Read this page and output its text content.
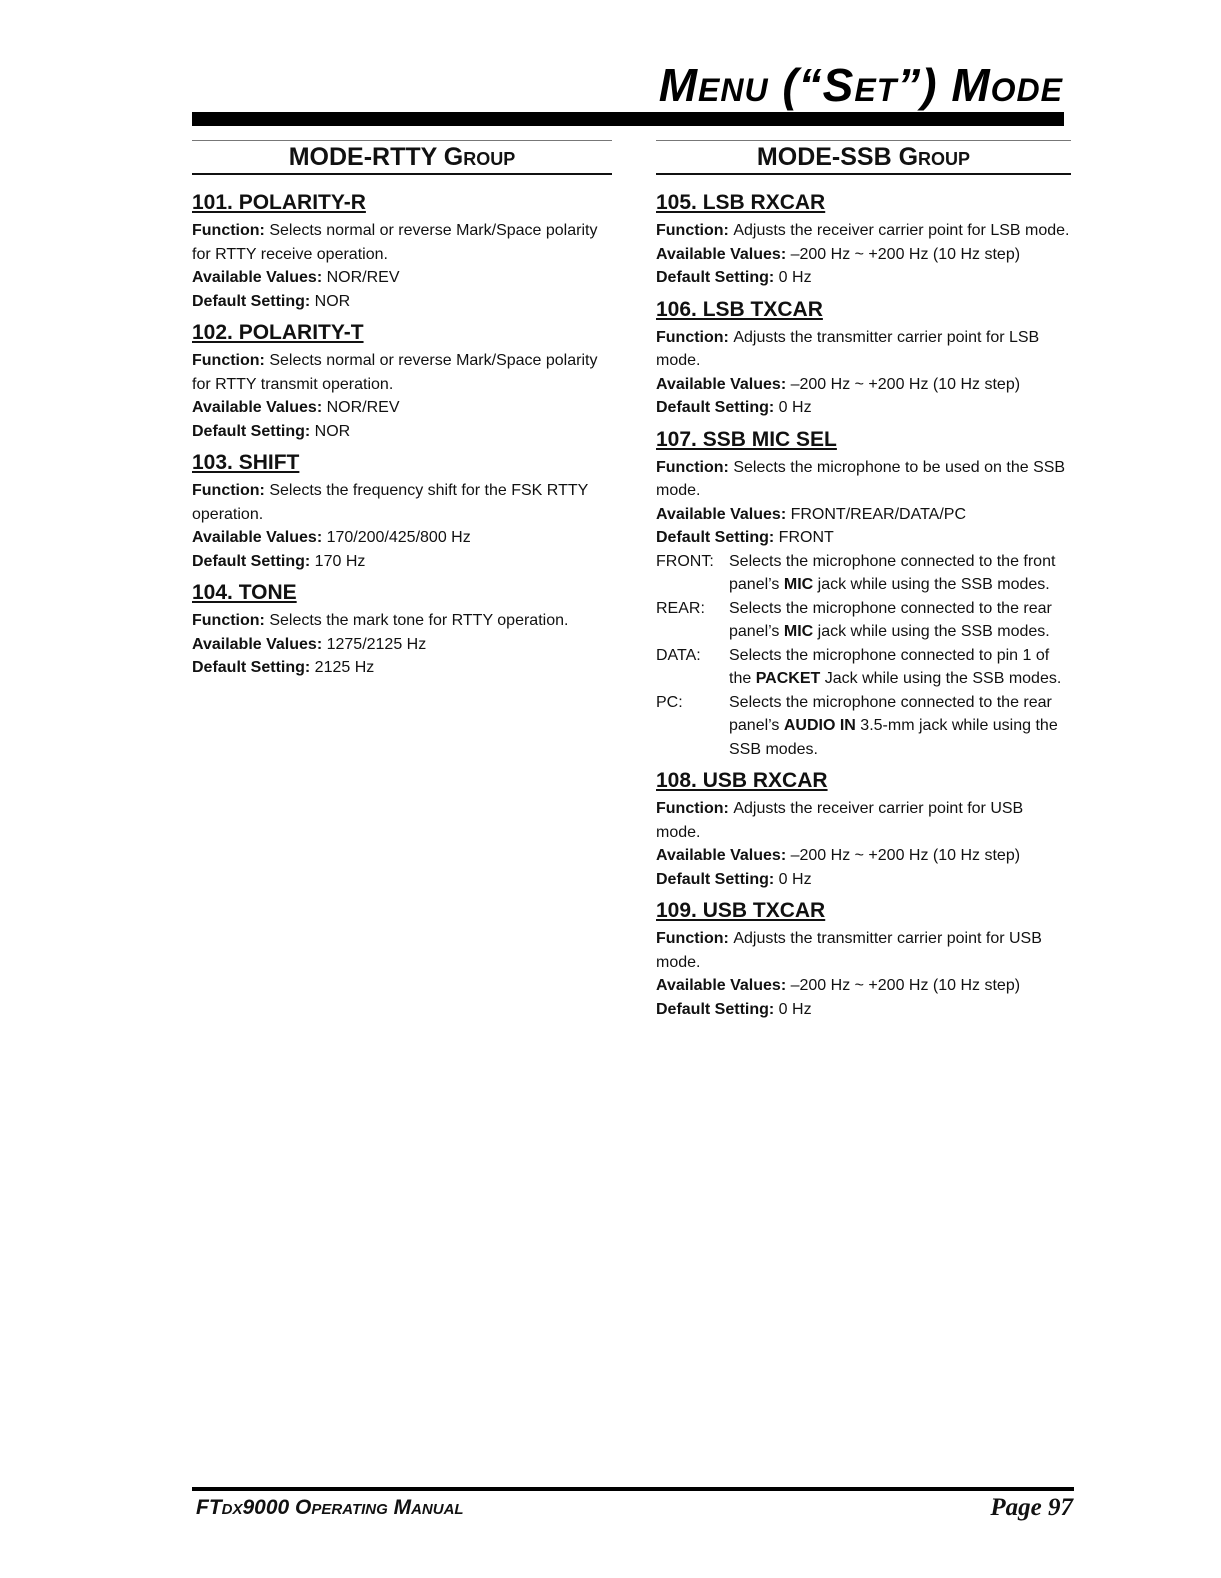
Menu (“Set”) Mode
MODE-RTTY Group
101. POLARITY-R
Function: Selects normal or reverse Mark/Space polarity for RTTY receive operation.
Available Values: NOR/REV
Default Setting: NOR
102. POLARITY-T
Function: Selects normal or reverse Mark/Space polarity for RTTY transmit operation.
Available Values: NOR/REV
Default Setting: NOR
103. SHIFT
Function: Selects the frequency shift for the FSK RTTY operation.
Available Values: 170/200/425/800 Hz
Default Setting: 170 Hz
104. TONE
Function: Selects the mark tone for RTTY operation.
Available Values: 1275/2125 Hz
Default Setting: 2125 Hz
MODE-SSB Group
105. LSB RXCAR
Function: Adjusts the receiver carrier point for LSB mode.
Available Values: –200 Hz ~ +200 Hz (10 Hz step)
Default Setting: 0 Hz
106. LSB TXCAR
Function: Adjusts the transmitter carrier point for LSB mode.
Available Values: –200 Hz ~ +200 Hz (10 Hz step)
Default Setting: 0 Hz
107. SSB MIC SEL
Function: Selects the microphone to be used on the SSB mode.
Available Values: FRONT/REAR/DATA/PC
Default Setting: FRONT
FRONT: Selects the microphone connected to the front panel’s MIC jack while using the SSB modes.
REAR:	Selects the microphone connected to the rear panel’s MIC jack while using the SSB modes.
DATA:	Selects the microphone connected to pin 1 of the PACKET Jack while using the SSB modes.
PC:	Selects the microphone connected to the rear panel’s AUDIO IN 3.5-mm jack while using the SSB modes.
108. USB RXCAR
Function: Adjusts the receiver carrier point for USB mode.
Available Values: –200 Hz ~ +200 Hz (10 Hz step)
Default Setting: 0 Hz
109. USB TXCAR
Function: Adjusts the transmitter carrier point for USB mode.
Available Values: –200 Hz ~ +200 Hz (10 Hz step)
Default Setting: 0 Hz
FTdx9000 Operating Manual	Page 97
